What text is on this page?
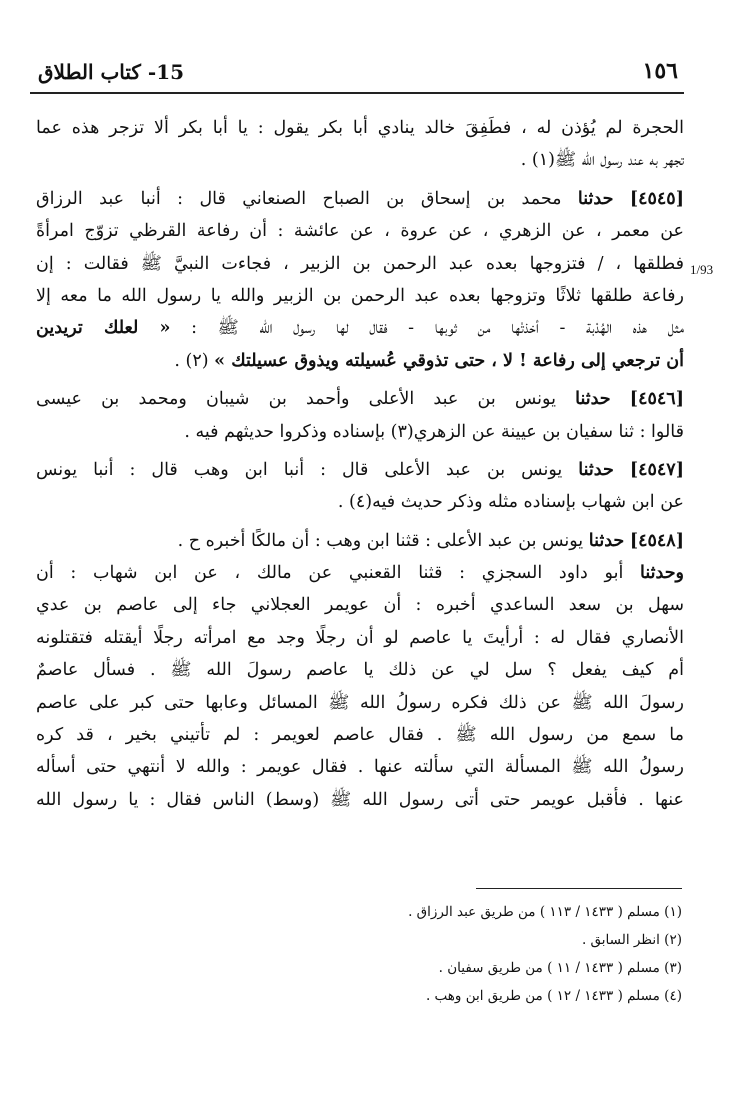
15- كتاب الطلاق	١٥٦
1/93
الحجرة لم يُؤذن له ، فطَفِقَ خالد ينادي أبا بكر يقول : يا أبا بكر ألا تزجر هذه عما
تجهر به عند رسول الله ﷺ(١) .
[٤٥٤٥] حدثنا محمد بن إسحاق بن الصباح الصنعاني قال : أنبا عبد الرزاق
عن معمر ، عن الزهري ، عن عروة ، عن عائشة : أن رفاعة القرظي تزوّج امرأةً
فطلقها ، / فتزوجها بعده عبد الرحمن بن الزبير ، فجاءت النبيَّ ﷺ فقالت : إن
رفاعة طلقها ثلاثًا وتزوجها بعده عبد الرحمن بن الزبير والله يا رسول الله ما معه إلا
مثل هذه الهُدْبة - أخذتْها من ثوبها - فقال لها رسول الله ﷺ : « لعلك تريدين
أن ترجعي إلى رفاعة ! لا ، حتى تذوقي عُسيلته ويذوق عسيلتك » (٢) .
[٤٥٤٦] حدثنا يونس بن عبد الأعلى وأحمد بن شيبان ومحمد بن عيسى
قالوا : ثنا سفيان بن عيينة عن الزهري(٣) بإسناده وذكروا حديثهم فيه .
[٤٥٤٧] حدثنا يونس بن عبد الأعلى قال : أنبا ابن وهب قال : أنبا يونس
عن ابن شهاب بإسناده مثله وذكر حديث فيه(٤) .
[٤٥٤٨] حدثنا يونس بن عبد الأعلى : قثنا ابن وهب : أن مالكًا أخبره ح .
وحدثنا أبو داود السجزي : قثنا القعنبي عن مالك ، عن ابن شهاب : أن
سهل بن سعد الساعدي أخبره : أن عويمر العجلاني جاء إلى عاصم بن عدي
الأنصاري فقال له : أرأيتَ يا عاصم لو أن رجلًا وجد مع امرأته رجلًا أيقتله فتقتلونه
أم كيف يفعل ؟ سل لي عن ذلك يا عاصم رسولَ الله ﷺ . فسأل عاصمٌ
رسولَ الله ﷺ عن ذلك فكره رسولُ الله ﷺ المسائل وعابها حتى كبر على عاصم
ما سمع من رسول الله ﷺ . فقال عاصم لعويمر : لم تأتيني بخير ، قد كره
رسولُ الله ﷺ المسألة التي سألته عنها . فقال عويمر : والله لا أنتهي حتى أسأله
عنها . فأقبل عويمر حتى أتى رسول الله ﷺ (وسط) الناس فقال : يا رسول الله
(١) مسلم ( ١٤٣٣ / ١١٣ ) من طريق عبد الرزاق .
(٢) انظر السابق .
(٣) مسلم ( ١٤٣٣ / ١١ ) من طريق سفيان .
(٤) مسلم ( ١٤٣٣ / ١٢ ) من طريق ابن وهب .
